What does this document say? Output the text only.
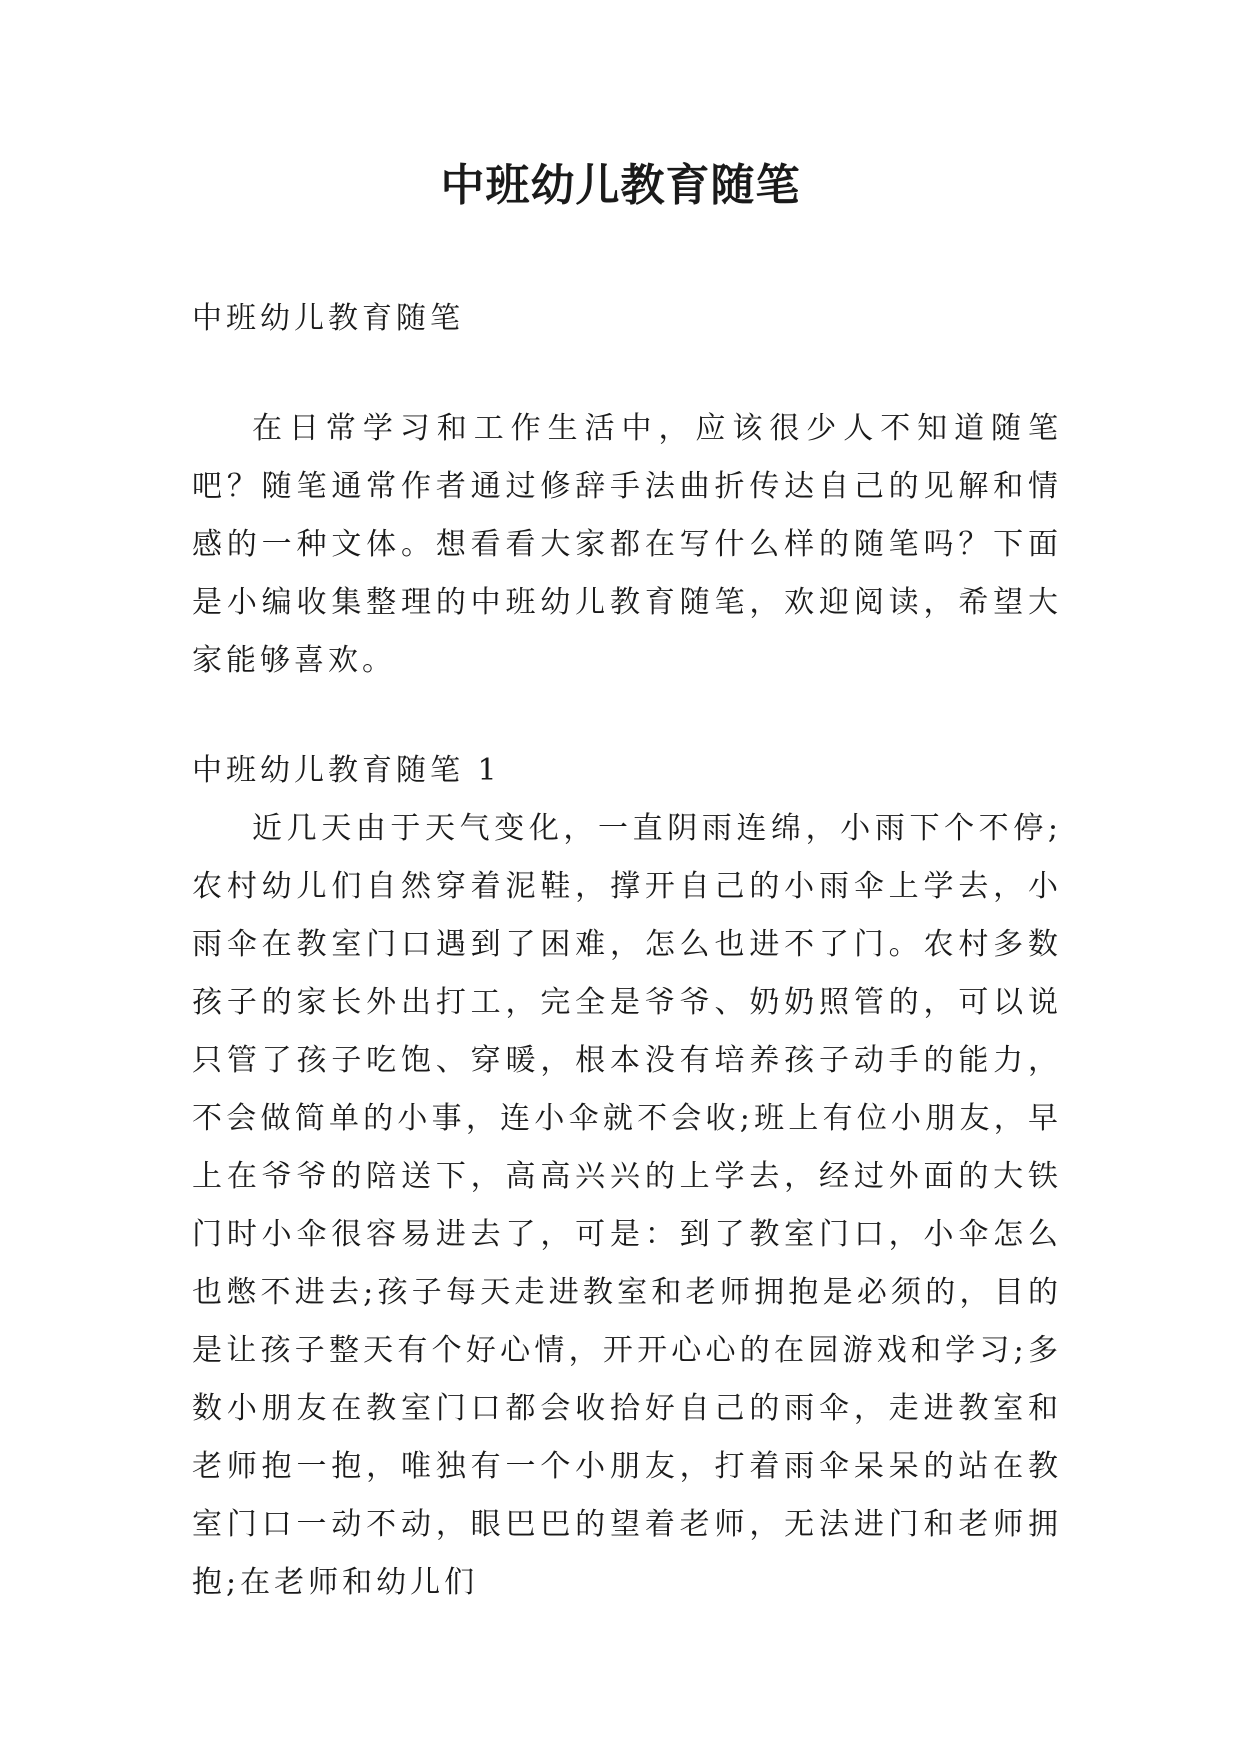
中班幼儿教育随笔

中班幼儿教育随笔

在日常学习和工作生活中，应该很少人不知道随笔吧？随笔通常作者通过修辞手法曲折传达自己的见解和情感的一种文体。想看看大家都在写什么样的随笔吗？下面是小编收集整理的中班幼儿教育随笔，欢迎阅读，希望大家能够喜欢。

中班幼儿教育随笔 1

近几天由于天气变化，一直阴雨连绵，小雨下个不停;农村幼儿们自然穿着泥鞋，撑开自己的小雨伞上学去，小雨伞在教室门口遇到了困难，怎么也进不了门。农村多数孩子的家长外出打工，完全是爷爷、奶奶照管的，可以说只管了孩子吃饱、穿暖，根本没有培养孩子动手的能力，不会做简单的小事，连小伞就不会收;班上有位小朋友，早上在爷爷的陪送下，高高兴兴的上学去，经过外面的大铁门时小伞很容易进去了，可是：到了教室门口，小伞怎么也憋不进去;孩子每天走进教室和老师拥抱是必须的，目的是让孩子整天有个好心情，开开心心的在园游戏和学习;多数小朋友在教室门口都会收拾好自己的雨伞，走进教室和老师抱一抱，唯独有一个小朋友，打着雨伞呆呆的站在教室门口一动不动，眼巴巴的望着老师，无法进门和老师拥抱;在老师和幼儿们
